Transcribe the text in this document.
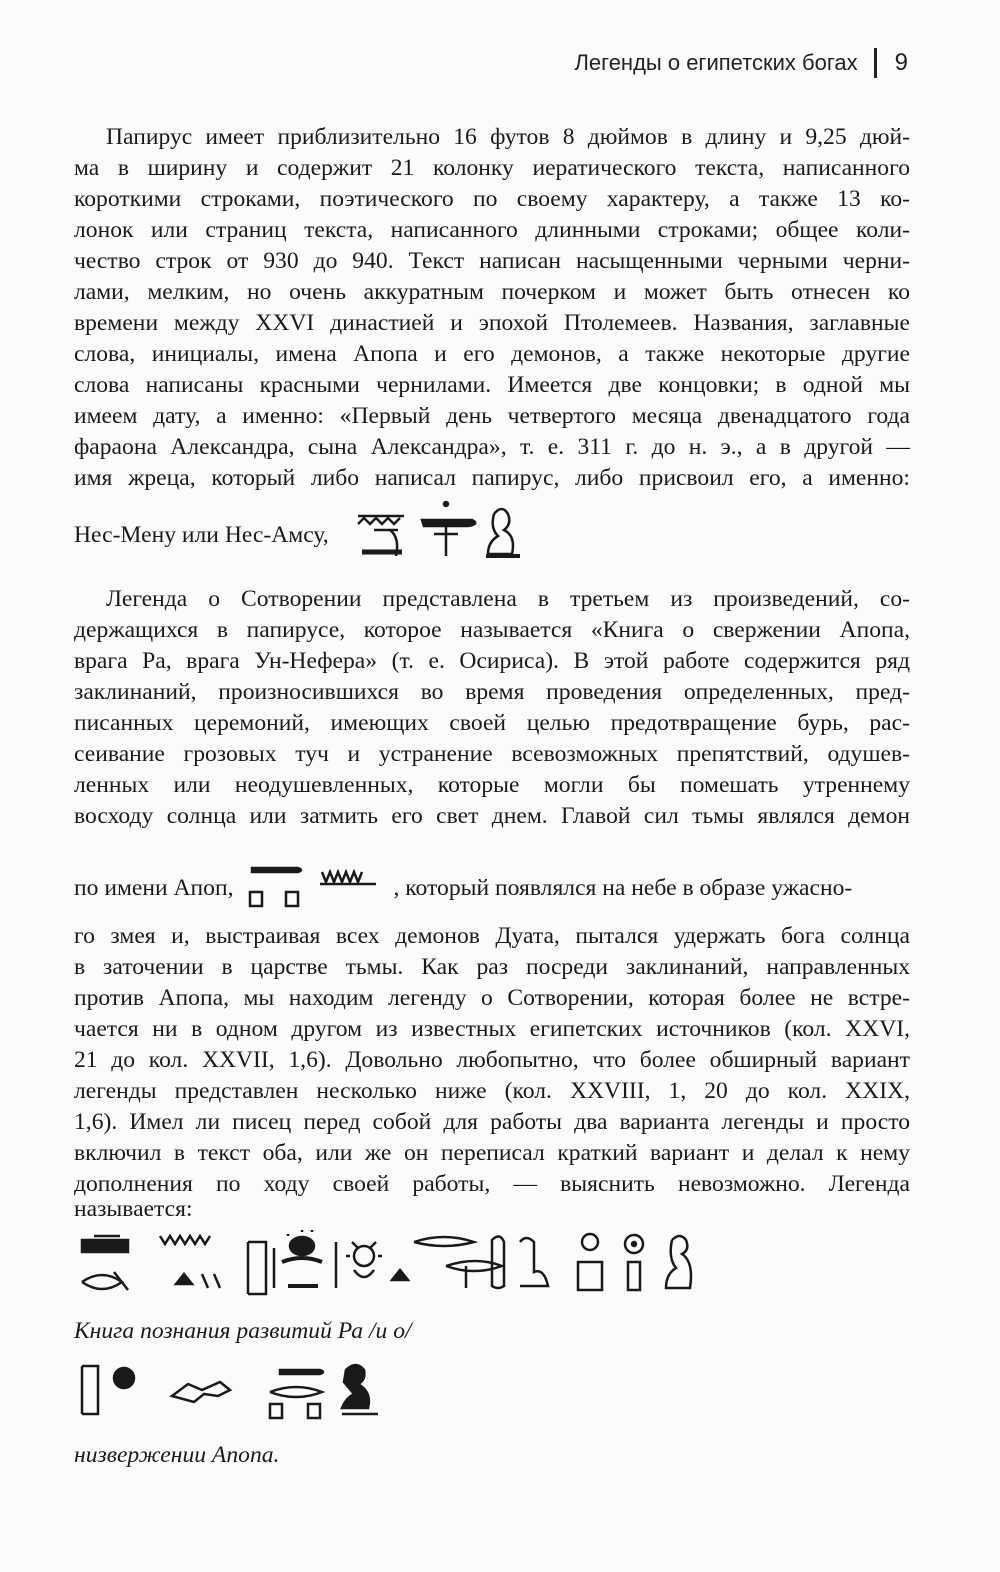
Легенды о египетских богах 9
Папирус имеет приблизительно 16 футов 8 дюймов в длину и 9,25 дюй-
ма в ширину и содержит 21 колонку иератического текста, написанного
короткими строками, поэтического по своему характеру, а также 13 ко-
лонок или страниц текста, написанного длинными строками; общее коли-
чество строк от 930 до 940. Текст написан насыщенными черными черни-
лами, мелким, но очень аккуратным почерком и может быть отнесен ко
времени между XXVI династией и эпохой Птолемеев. Названия, заглавные
слова, инициалы, имена Апопа и его демонов, а также некоторые другие
слова написаны красными чернилами. Имеется две концовки; в одной мы
имеем дату, а именно: «Первый день четвертого месяца двенадцатого года
фараона Александра, сына Александра», т. е. 311 г. до н. э., а в другой —
имя жреца, который либо написал папирус, либо присвоил его, а именно:
Нес-Мену или Нес-Амсу,
Легенда о Сотворении представлена в третьем из произведений, со-
держащихся в папирусе, которое называется «Книга о свержении Апопа,
врага Ра, врага Ун-Нефера» (т. е. Осириса). В этой работе содержится ряд
заклинаний, произносившихся во время проведения определенных, пред-
писанных церемоний, имеющих своей целью предотвращение бурь, рас-
сеивание грозовых туч и устранение всевозможных препятствий, одушев-
ленных или неодушевленных, которые могли бы помешать утреннему
восходу солнца или затмить его свет днем. Главой сил тьмы являлся демон
по имени Апоп,	, который появлялся на небе в образе ужасно-
го змея и, выстраивая всех демонов Дуата, пытался удержать бога солнца
в заточении в царстве тьмы. Как раз посреди заклинаний, направленных
против Апопа, мы находим легенду о Сотворении, которая более не встре-
чается ни в одном другом из известных египетских источников (кол. XXVI,
21 до кол. XXVII, 1,6). Довольно любопытно, что более обширный вариант
легенды представлен несколько ниже (кол. XXVIII, 1, 20 до кол. XXIX,
1,6). Имел ли писец перед собой для работы два варианта легенды и просто
включил в текст оба, или же он переписал краткий вариант и делал к нему
дополнения по ходу своей работы, — выяснить невозможно. Легенда
называется:
Книга познания развитий Ра /и о/
низвержении Апопа.
